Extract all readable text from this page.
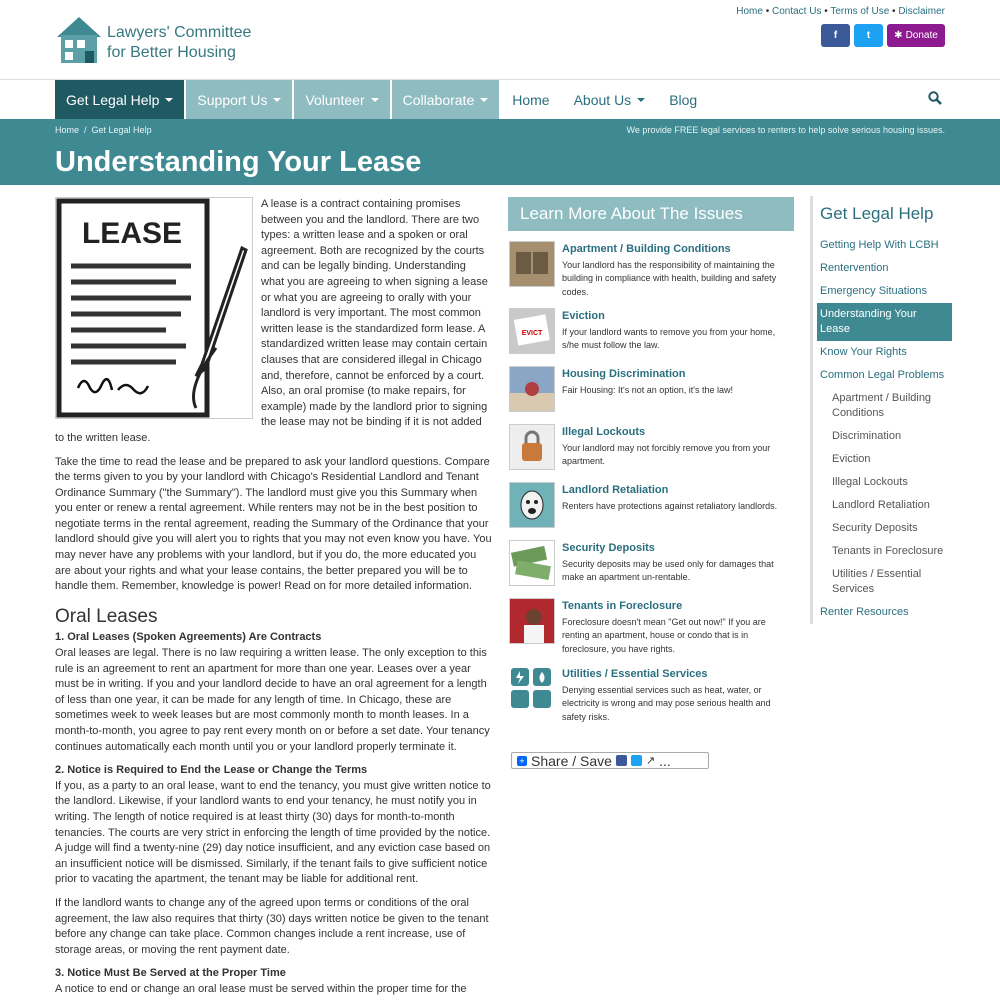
Lawyers' Committee
for Better Housing
Home • Contact Us • Terms of Use • Disclaimer
f	t ✱ Donate
Get Legal Help	Support Us	Volunteer	Collaborate	Home About Us	Blog
Home  /  Get Legal Help	We provide FREE legal services to renters to help solve serious housing issues.
Understanding Your Lease
LEASE

A lease is a contract containing promises between you and the landlord. There are two types: a written lease and a spoken or oral agreement. Both are recognized by the courts and can be legally binding. Understanding what you are agreeing to when signing a lease or what you are agreeing to orally with your landlord is very important. The most common written lease is the standardized form lease. A standardized written lease may contain certain clauses that are considered illegal in Chicago and, therefore, cannot be enforced by a court. Also, an oral promise (to make repairs, for example) made by the landlord prior to signing the lease may not be binding if it is not added to the written lease.

Take the time to read the lease and be prepared to ask your landlord questions. Compare the terms given to you by your landlord with Chicago's Residential Landlord and Tenant Ordinance Summary ("the Summary"). The landlord must give you this Summary when you enter or renew a rental agreement. While renters may not be in the best position to negotiate terms in the rental agreement, reading the Summary of the Ordinance that your landlord should give you will alert you to rights that you may not even know you have. You may never have any problems with your landlord, but if you do, the more educated you are about your rights and what your lease contains, the better prepared you will be to handle them. Remember, knowledge is power! Read on for more detailed information.

Oral Leases
1. Oral Leases (Spoken Agreements) Are Contracts

Oral leases are legal. There is no law requiring a written lease. The only exception to this rule is an agreement to rent an apartment for more than one year. Leases over a year must be in writing. If you and your landlord decide to have an oral agreement for a length of less than one year, it can be made for any length of time. In Chicago, these are sometimes week to week leases but are most commonly month to month leases. In a month-to-month, you agree to pay rent every month on or before a set date. Your tenancy continues automatically each month until you or your landlord properly terminate it.

2. Notice is Required to End the Lease or Change the Terms

If you, as a party to an oral lease, want to end the tenancy, you must give written notice to the landlord. Likewise, if your landlord wants to end your tenancy, he must notify you in writing. The length of notice required is at least thirty (30) days for month-to-month tenancies. The courts are very strict in enforcing the length of time provided by the notice. A judge will find a twenty-nine (29) day notice insufficient, and any eviction case based on an insufficient notice will be dismissed. Similarly, if the tenant fails to give sufficient notice prior to vacating the apartment, the tenant may be liable for additional rent.

If the landlord wants to change any of the agreed upon terms or conditions of the oral agreement, the law also requires that thirty (30) days written notice be given to the tenant before any change can take place. Common changes include a rent increase, use of storage areas, or moving the rent payment date.

3. Notice Must Be Served at the Proper Time

A notice to end or change an oral lease must be served within the proper time for the

Learn More About The Issues
Apartment / Building Conditions
Your landlord has the responsibility of maintaining the building in compliance with health, building and safety codes.
EVICT
Eviction
If your landlord wants to remove you from your home, s/he must follow the law.
Housing Discrimination
Fair Housing: It's not an option, it's the law!
Illegal Lockouts
Your landlord may not forcibly remove you from your apartment.
Landlord Retaliation
Renters have protections against retaliatory landlords.
Security Deposits
Security deposits may be used only for damages that make an apartment un-rentable.
Tenants in Foreclosure
Foreclosure doesn't mean "Get out now!" If you are renting an apartment, house or condo that is in foreclosure, you have rights.
Utilities / Essential Services
Denying essential services such as heat, water, or electricity is wrong and may pose serious health and safety risks.
+ Share / Save	↗ ...
Get Legal Help
Getting Help With LCBH
Rentervention
Emergency Situations
Understanding Your Lease
Know Your Rights
Common Legal Problems
Apartment / Building Conditions
Discrimination
Eviction
Illegal Lockouts
Landlord Retaliation
Security Deposits
Tenants in Foreclosure
Utilities / Essential Services
Renter Resources
